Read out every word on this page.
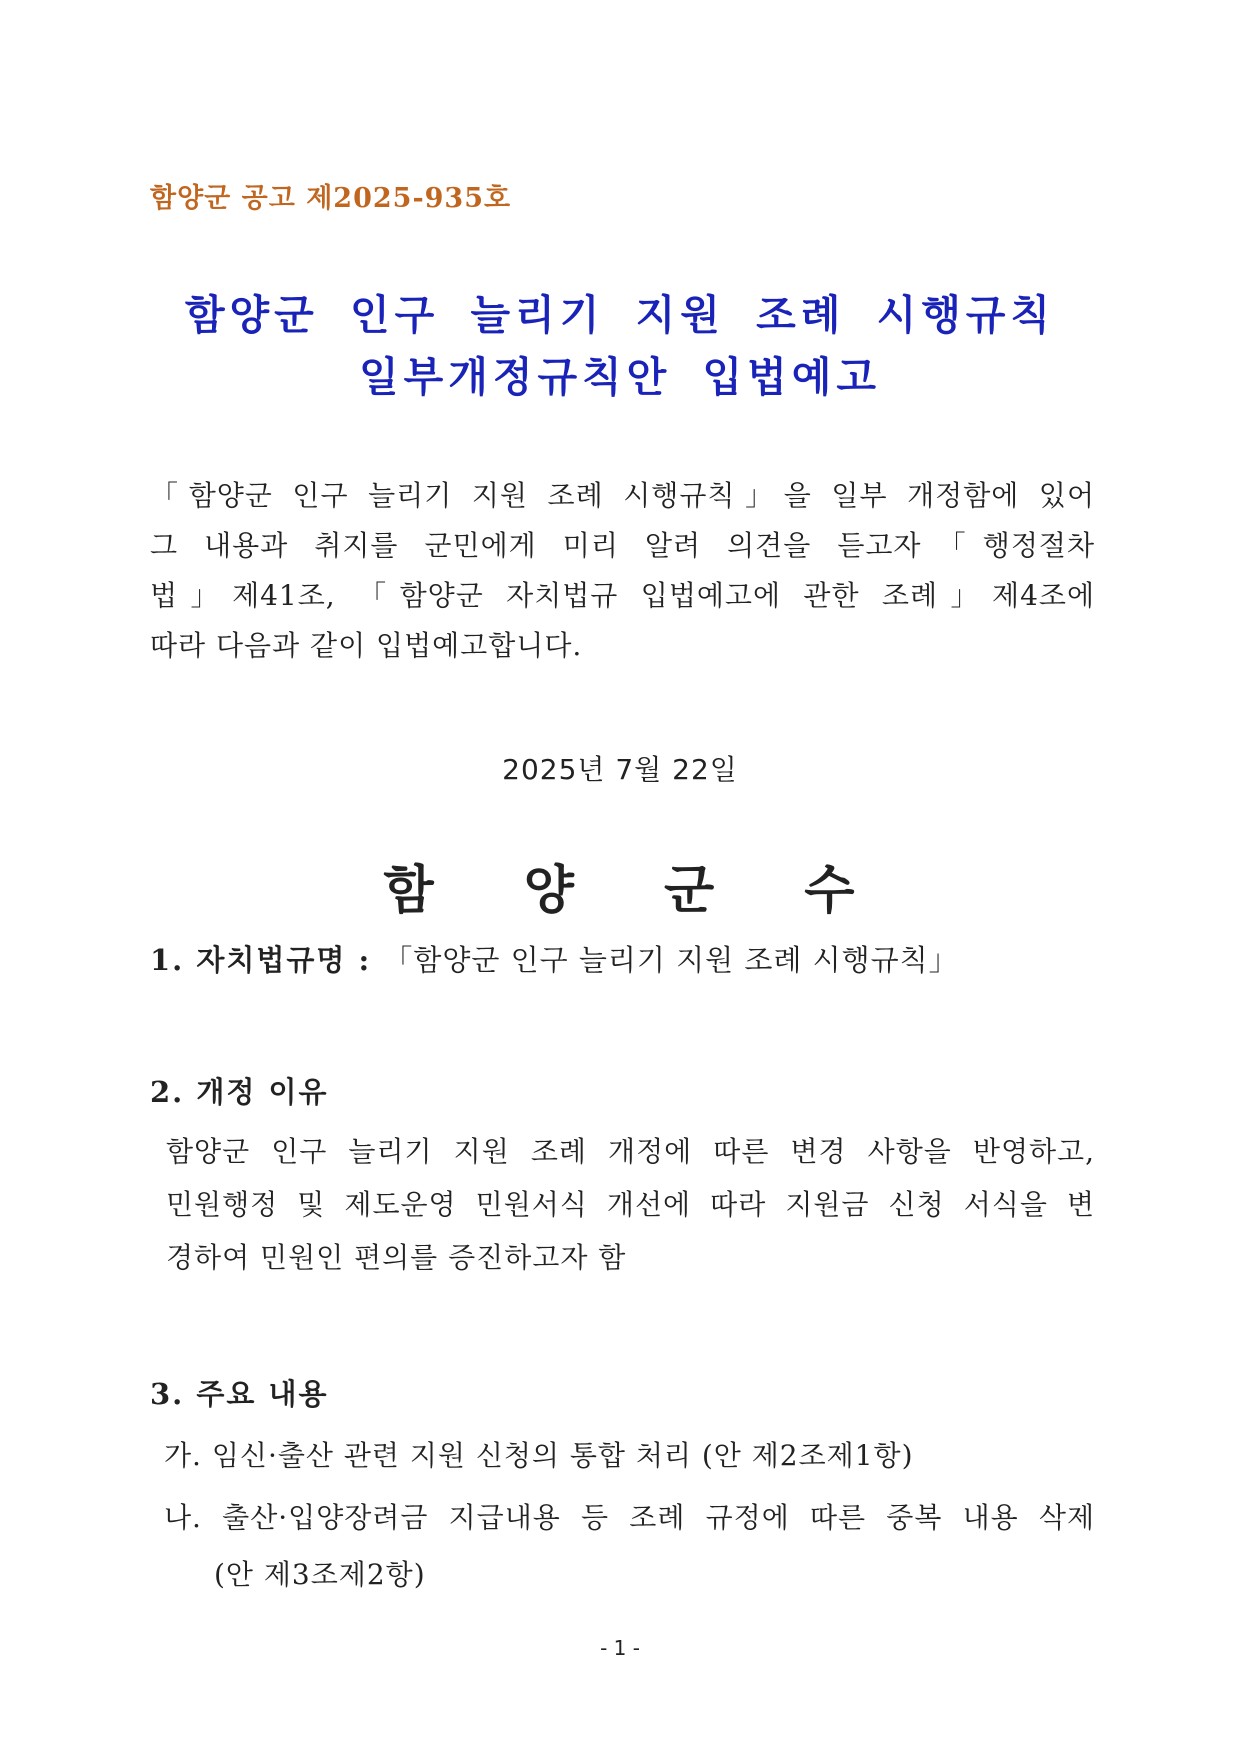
함양군 공고 제2025-935호
함양군 인구 늘리기 지원 조례 시행규칙
일부개정규칙안 입법예고
「함양군 인구 늘리기 지원 조례 시행규칙」을 일부 개정함에 있어
그 내용과 취지를 군민에게 미리 알려 의견을 듣고자「행정절차
법」제41조, 「함양군 자치법규 입법예고에 관한 조례」제4조에
따라 다음과 같이 입법예고합니다.
2025년 7월 22일
함 양 군 수
1. 자치법규명 : 「함양군 인구 늘리기 지원 조례 시행규칙」
2. 개정 이유
함양군 인구 늘리기 지원 조례 개정에 따른 변경 사항을 반영하고,
민원행정 및 제도운영 민원서식 개선에 따라 지원금 신청 서식을 변
경하여 민원인 편의를 증진하고자 함
3. 주요 내용
가. 임신·출산 관련 지원 신청의 통합 처리 (안 제2조제1항)
나. 출산·입양장려금 지급내용 등 조례 규정에 따른 중복 내용 삭제
(안 제3조제2항)
- 1 -
